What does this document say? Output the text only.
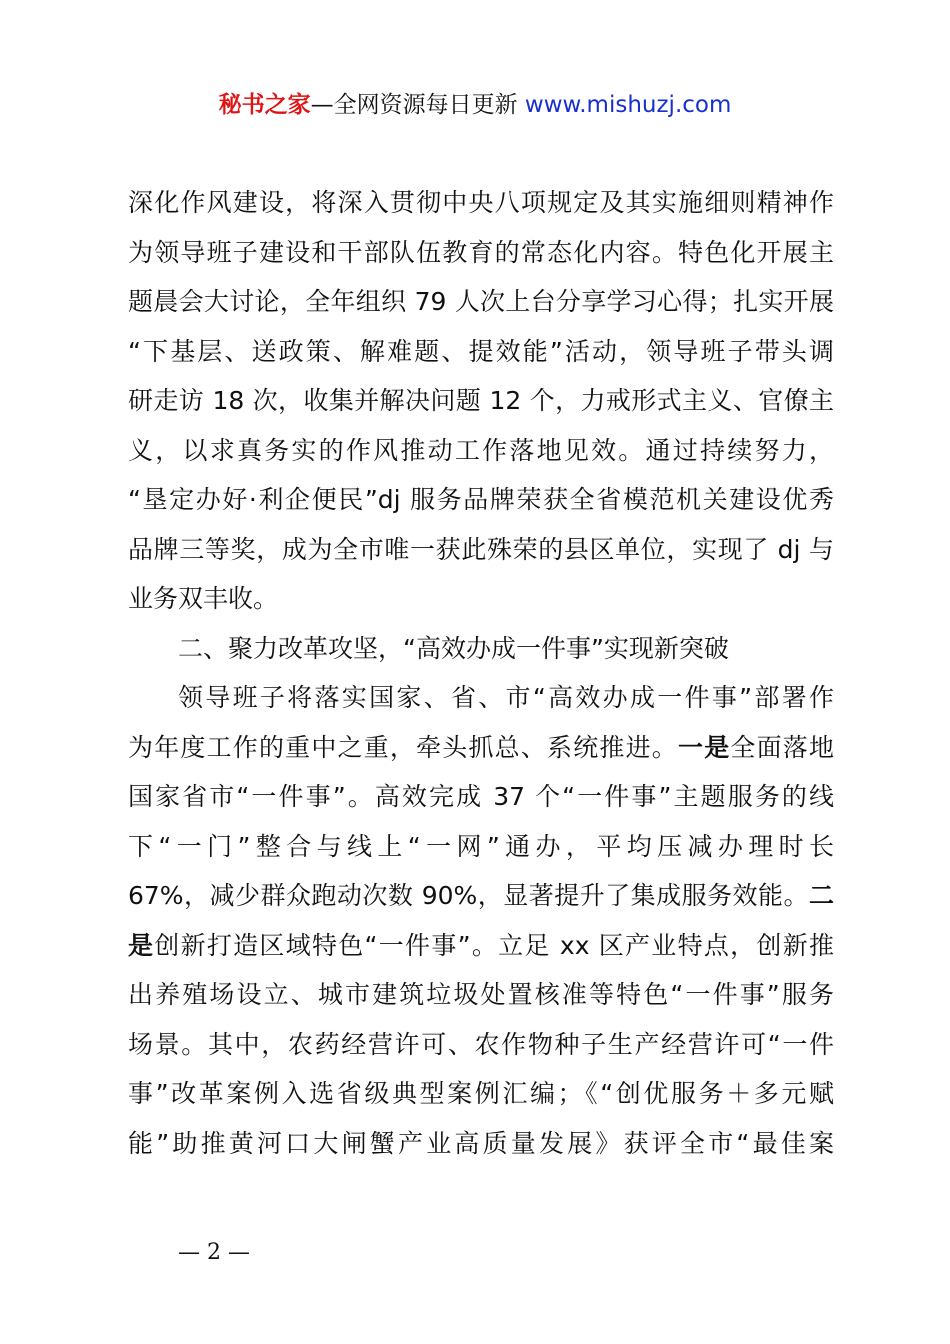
秘书之家—全网资源每日更新 www.mishuzj.com
深化作风建设，将深入贯彻中央八项规定及其实施细则精神作
为领导班子建设和干部队伍教育的常态化内容。特色化开展主
题晨会大讨论，全年组织 79 人次上台分享学习心得；扎实开展
“下基层、送政策、解难题、提效能”活动，领导班子带头调
研走访 18 次，收集并解决问题 12 个，力戒形式主义、官僚主
义，以求真务实的作风推动工作落地见效。通过持续努力，
“垦定办好·利企便民”dj 服务品牌荣获全省模范机关建设优秀
品牌三等奖，成为全市唯一获此殊荣的县区单位，实现了 dj 与
业务双丰收。
二、聚力改革攻坚，“高效办成一件事”实现新突破
领导班子将落实国家、省、市“高效办成一件事”部署作
为年度工作的重中之重，牵头抓总、系统推进。一是全面落地
国家省市“一件事”。高效完成 37 个“一件事”主题服务的线
下“一门”整合与线上“一网”通办，平均压减办理时长
67%，减少群众跑动次数 90%，显著提升了集成服务效能。二
是创新打造区域特色“一件事”。立足 xx 区产业特点，创新推
出养殖场设立、城市建筑垃圾处置核准等特色“一件事”服务
场景。其中，农药经营许可、农作物种子生产经营许可“一件
事”改革案例入选省级典型案例汇编；《“创优服务＋多元赋
能”助推黄河口大闸蟹产业高质量发展》获评全市“最佳案
— 2 —
